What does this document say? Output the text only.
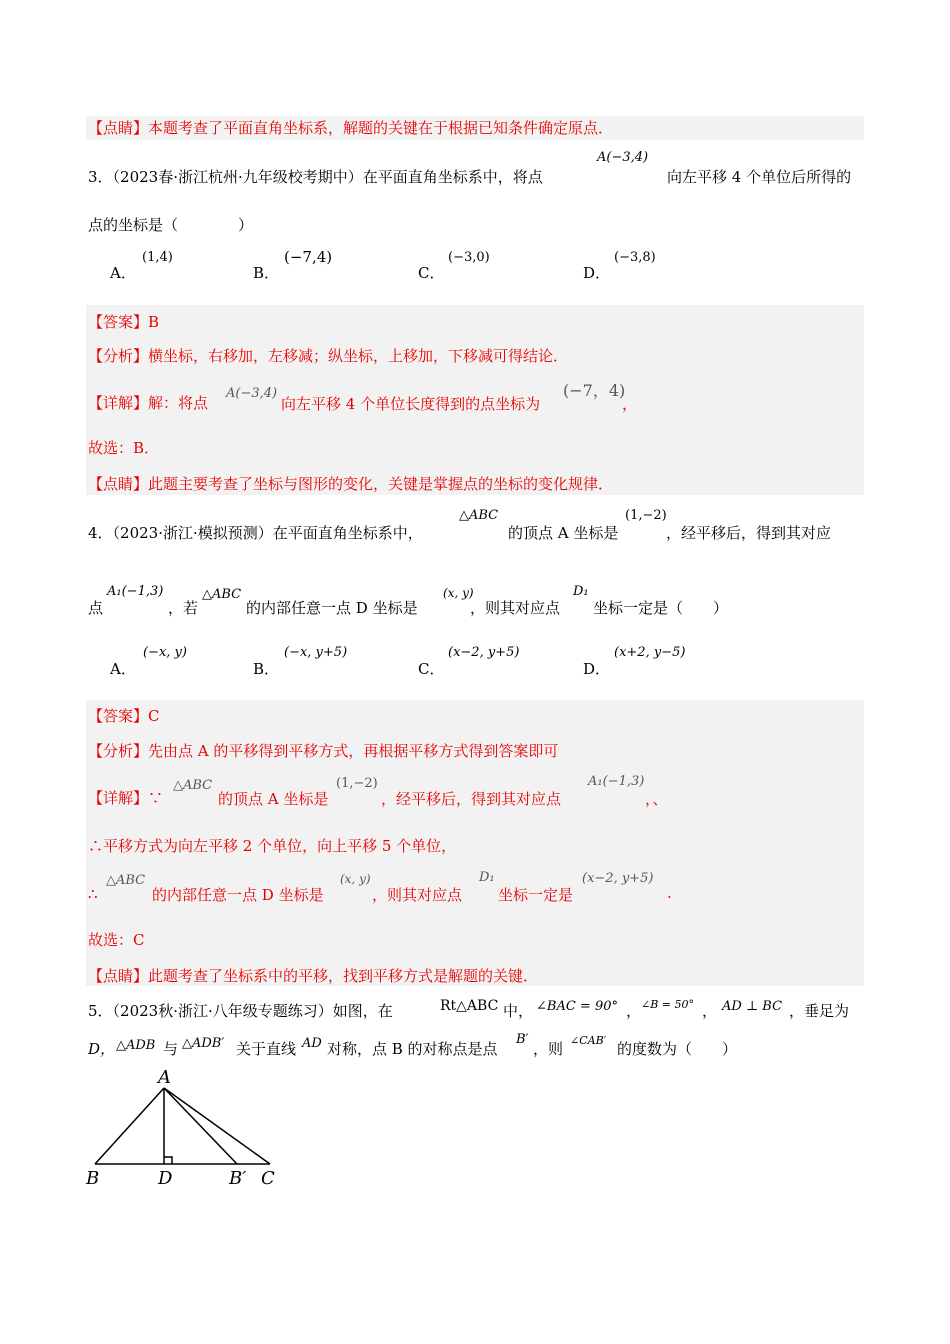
【点睛】本题考查了平面直角坐标系，解题的关键在于根据已知条件确定原点．
3．（2023春·浙江杭州·九年级校考期中）在平面直角坐标系中，将点
A(−3,4)
向左平移 4 个单位后所得的
点的坐标是（　　　　）
A．
(1,4)
B．
(−7,4)
C．
(−3,0)
D．
(−3,8)
【答案】B
【分析】横坐标，右移加，左移减；纵坐标，上移加，下移减可得结论．
【详解】解：将点
A(−3,4)
向左平移 4 个单位长度得到的点坐标为
(−7，4)
，
故选：B．
【点睛】此题主要考查了坐标与图形的变化，关键是掌握点的坐标的变化规律．
4．（2023·浙江·模拟预测）在平面直角坐标系中，
△ABC
的顶点 A 坐标是
(1,−2)
，经平移后，得到其对应
点
A₁(−1,3)
，若
△ABC
的内部任意一点 D 坐标是
(x, y)
，则其对应点
D₁
坐标一定是（　　）
A．
(−x, y)
B．
(−x, y+5)
C．
(x−2, y+5)
D．
(x+2, y−5)
【答案】C
【分析】先由点 A 的平移得到平移方式，再根据平移方式得到答案即可
【详解】∵
△ABC
的顶点 A 坐标是
(1,−2)
，经平移后，得到其对应点
A₁(−1,3)
，、
∴平移方式为向左平移 2 个单位，向上平移 5 个单位，
∴
△ABC
的内部任意一点 D 坐标是
(x, y)
，则其对应点
D₁
坐标一定是
(x−2, y+5)
.
故选：C
【点睛】此题考查了坐标系中的平移，找到平移方式是解题的关键．
5．（2023秋·浙江·八年级专题练习）如图，在	Rt△ABC 中， ∠BAC = 90° ， ∠B = 50° ， AD ⊥ BC ，垂足为
D， △ADB 与 △ADB′ 关于直线 AD 对称，点 B 的对称点是点
B′
，则 ∠CAB′ 的度数为（　　）
A
B	D	B′ C
